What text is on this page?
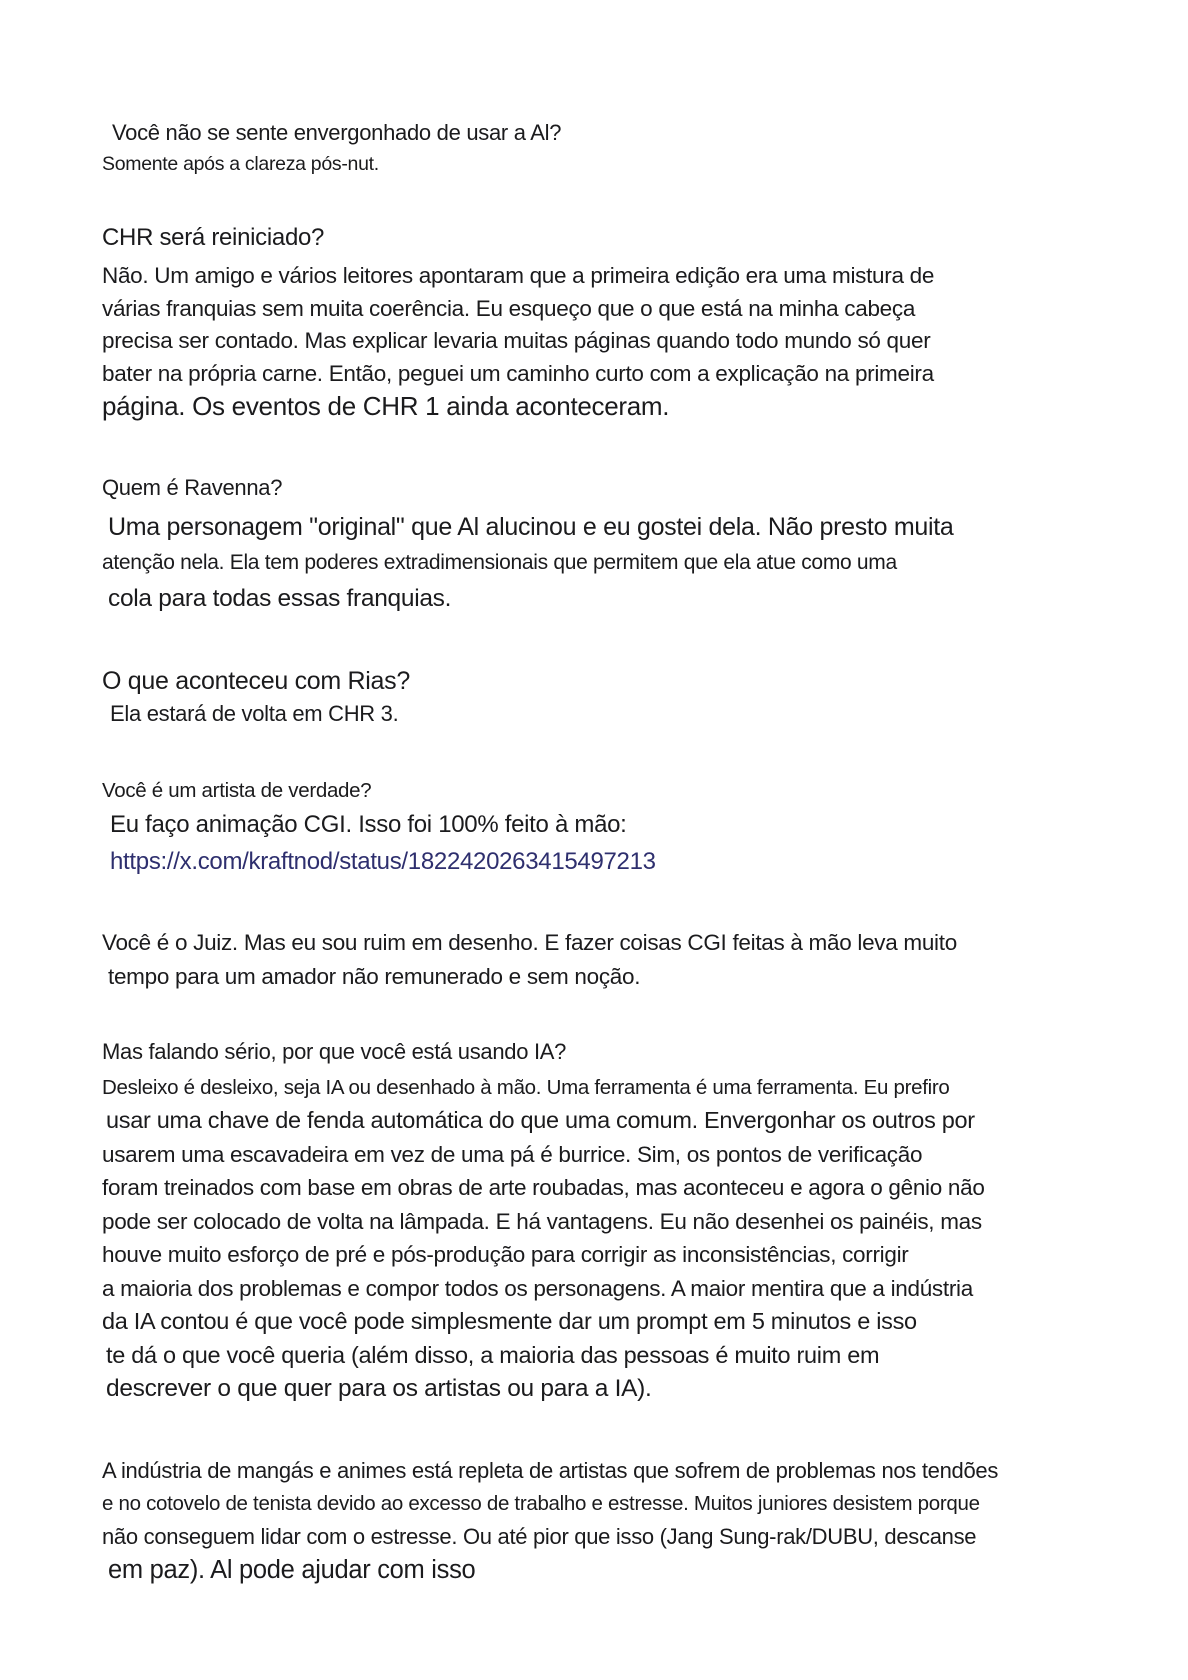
Você não se sente envergonhado de usar a Al?
Somente após a clareza pós-nut.
CHR será reiniciado?
Não. Um amigo e vários leitores apontaram que a primeira edição era uma mistura de
várias franquias sem muita coerência. Eu esqueço que o que está na minha cabeça
precisa ser contado. Mas explicar levaria muitas páginas quando todo mundo só quer
bater na própria carne. Então, peguei um caminho curto com a explicação na primeira
página. Os eventos de CHR 1 ainda aconteceram.
Quem é Ravenna?
Uma personagem "original" que Al alucinou e eu gostei dela. Não presto muita
atenção nela. Ela tem poderes extradimensionais que permitem que ela atue como uma
cola para todas essas franquias.
O que aconteceu com Rias?
Ela estará de volta em CHR 3.
Você é um artista de verdade?
Eu faço animação CGI. Isso foi 100% feito à mão:
https://x.com/kraftnod/status/1822420263415497213
Você é o Juiz. Mas eu sou ruim em desenho. E fazer coisas CGI feitas à mão leva muito
tempo para um amador não remunerado e sem noção.
Mas falando sério, por que você está usando IA?
Desleixo é desleixo, seja IA ou desenhado à mão. Uma ferramenta é uma ferramenta. Eu prefiro
usar uma chave de fenda automática do que uma comum. Envergonhar os outros por
usarem uma escavadeira em vez de uma pá é burrice. Sim, os pontos de verificação
foram treinados com base em obras de arte roubadas, mas aconteceu e agora o gênio não
pode ser colocado de volta na lâmpada. E há vantagens. Eu não desenhei os painéis, mas
houve muito esforço de pré e pós-produção para corrigir as inconsistências, corrigir
a maioria dos problemas e compor todos os personagens. A maior mentira que a indústria
da IA contou é que você pode simplesmente dar um prompt em 5 minutos e isso
te dá o que você queria (além disso, a maioria das pessoas é muito ruim em
descrever o que quer para os artistas ou para a IA).
A indústria de mangás e animes está repleta de artistas que sofrem de problemas nos tendões
e no cotovelo de tenista devido ao excesso de trabalho e estresse. Muitos juniores desistem porque
não conseguem lidar com o estresse. Ou até pior que isso (Jang Sung-rak/DUBU, descanse
em paz). Al pode ajudar com isso
